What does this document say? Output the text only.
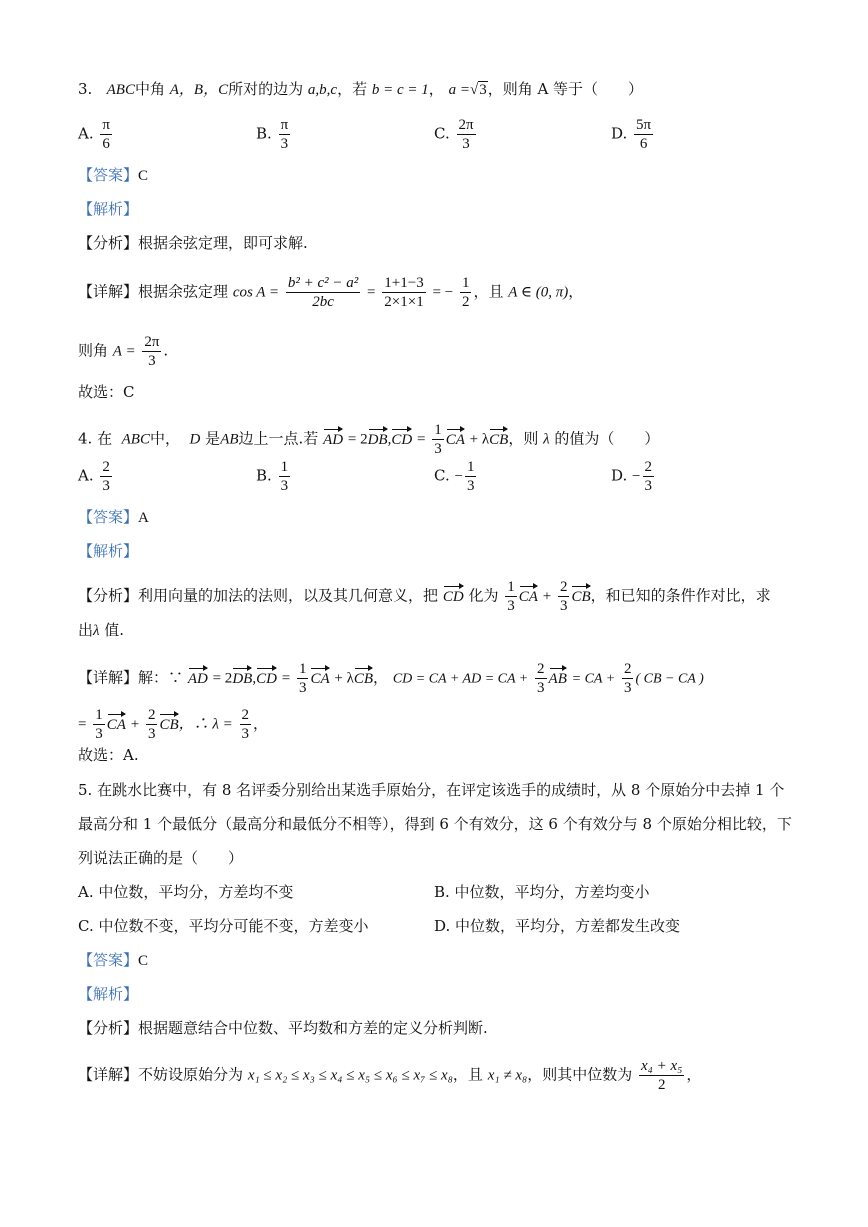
3. ABC中角 A，B，C所对的边为 a,b,c，若 b = c = 1， a =√3，则角 A 等于（　　）
A. $\frac{\pi}{6}$	B. $\frac{\pi}{3}$	C. $\frac{2\pi}{3}$	D. $\frac{5\pi}{6}$
【答案】C
【解析】
【分析】根据余弦定理，即可求解.
【详解】根据余弦定理 $\cos A = \frac{\text{b² + c² − a²}}{2bc} = \frac{1+1-3}{2\times 1\times 1}$ = − $\frac{1}{2}$ ，且 A ∈ (0, π)，
则角 $A = \frac{2\pi}{3}$ .
故选：C
4. 在 ABC中， D 是AB边上一点.若 AD = $2DB,CD = \frac{1}{3}$ CA + λCB，则 λ 的值为（　　）
A. $\frac{2}{3}$	B. $\frac{1}{3}$	C. − $\frac{1}{3}$	D. − $\frac{2}{3}$
【答案】A
【解析】
【分析】利用向量的加法的法则，以及其几何意义，把 CD 化为 $\frac{1}{3}$ CA + $\frac{2}{3}$ CB，和已知的条件作对比，求
出λ 值.
【详解】解：∵ AD = $2DB,CD = \frac{1}{3}$ CA + λCB， CD = CA + AD = CA + $\frac{2}{3}$ AB = CA + $\frac{2}{3}$ ( CB − CA )
= $\frac{1}{3}$ CA + $\frac{2}{3}$ CB，∴ $\lambda = \frac{2}{3}$ ，
故选：A.
5. 在跳水比赛中，有 8 名评委分别给出某选手原始分，在评定该选手的成绩时，从 8 个原始分中去掉 1 个
最高分和 1 个最低分（最高分和最低分不相等），得到 6 个有效分，这 6 个有效分与 8 个原始分相比较，下
列说法正确的是（　　）
A. 中位数，平均分，方差均不变	B. 中位数，平均分，方差均变小
C. 中位数不变，平均分可能不变，方差变小	D. 中位数，平均分，方差都发生改变
【答案】C
【解析】
【分析】根据题意结合中位数、平均数和方差的定义分析判断.
【详解】不妨设原始分为 x₁ ≤ x₂ ≤ x₃ ≤ x₄ ≤ x₅ ≤ x₆ ≤ x₇ ≤ x₈，且 x₁ ≠ x₈，则其中位数为 $\frac{\text{x₄ + x₅}}{2}$ ，
